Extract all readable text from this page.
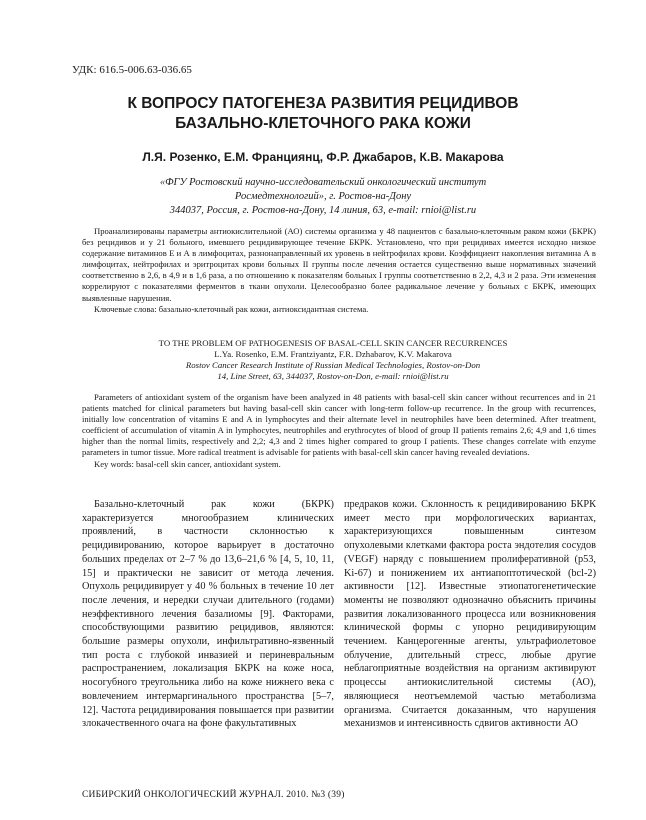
УДК: 616.5-006.63-036.65
К ВОПРОСУ ПАТОГЕНЕЗА РАЗВИТИЯ РЕЦИДИВОВ
БАЗАЛЬНО-КЛЕТОЧНОГО РАКА КОЖИ
Л.Я. Розенко, Е.М. Франциянц, Ф.Р. Джабаров, К.В. Макарова
«ФГУ Ростовский научно-исследовательский онкологический институт
Росмедтехнологий», г. Ростов-на-Дону
344037, Россия, г. Ростов-на-Дону, 14 линия, 63, e-mail: rnioi@list.ru

Проанализированы параметры антиокислительной (АО) системы организма у 48 пациентов с базально-клеточным раком кожи (БКРК) без рецидивов и у 21 больного, имевшего рецидивирующее течение БКРК. Установлено, что при рецидивах имеется исходно низкое содержание витаминов Е и А в лимфоцитах, разнонаправленный их уровень в нейтрофилах крови. Коэффициент накопления витамина А в лимфоцитах, нейтрофилах и эритроцитах крови больных II группы после лечения остается существенно выше нормативных значений соответственно в 2,6, в 4,9 и в 1,6 раза, а по отношению к показателям больных I группы соответственно в 2,2, 4,3 и 2 раза. Эти изменения коррелируют с показателями ферментов в ткани опухоли. Целесообразно более радикальное лечение у больных с БКРК, имеющих выявленные нарушения.

Ключевые слова: базально-клеточный рак кожи, антиоксидантная система.

TO THE PROBLEM OF PATHOGENESIS OF BASAL-CELL SKIN CANCER RECURRENCES
L.Ya. Rosenko, E.M. Frantziyantz, F.R. Dzhabarov, K.V. Makarova
Rostov Cancer Research Institute of Russian Medical Technologies, Rostov-on-Don
14, Line Street, 63, 344037, Rostov-on-Don, e-mail: rnioi@list.ru

Parameters of antioxidant system of the organism have been analyzed in 48 patients with basal-cell skin cancer without recurrences and in 21 patients matched for clinical parameters but having basal-cell skin cancer with long-term follow-up recurrence. In the group with recurrences, initially low concentration of vitamins E and A in lymphocytes and their alternate level in neutrophiles have been determined. After treatment, coefficient of accumulation of vitamin A in lymphocytes, neutrophiles and erythrocytes of blood of group II patients remains 2,6; 4,9 and 1,6 times higher than the normal limits, respectively and 2,2; 4,3 and 2 times higher compared to group I patients. These changes correlate with enzyme parameters in tumor tissue. More radical treatment is advisable for patients with basal-cell skin cancer having revealed deviations.

Key words: basal-cell skin cancer, antioxidant system.

Базально-клеточный рак кожи (БКРК) характеризуется многообразием клинических проявлений, в частности склонностью к рецидивированию, которое варьирует в достаточно больших пределах от 2–7 % до 13,6–21,6 % [4, 5, 10, 11, 15] и практически не зависит от метода лечения. Опухоль рецидивирует у 40 % больных в течение 10 лет после лечения, и нередки случаи длительного (годами) неэффективного лечения базалиомы [9]. Факторами, способствующими развитию рецидивов, являются: большие размеры опухоли, инфильтративно-язвенный тип роста с глубокой инвазией и периневральным распространением, локализация БКРК на коже носа, носогубного треугольника либо на коже нижнего века с вовлечением интермаргинального пространства [5–7, 12]. Частота рецидивирования повышается при развитии злокачественного очага на фоне факультативных
предраков кожи. Склонность к рецидивированию БКРК имеет место при морфологических вариантах, характеризующихся повышенным синтезом опухолевыми клетками фактора роста эндотелия сосудов (VEGF) наряду с повышением пролиферативной (p53, Ki-67) и понижением их антиапоптотической (bcl-2) активности [12]. Известные этиопатогенетические моменты не позволяют однозначно объяснить причины развития локализованного процесса или возникновения клинической формы с упорно рецидивирующим течением. Канцерогенные агенты, ультрафиолетовое облучение, длительный стресс, любые другие неблагоприятные воздействия на организм активируют процессы антиокислительной системы (АО), являющиеся неотъемлемой частью метаболизма организма. Считается доказанным, что нарушения механизмов и интенсивность сдвигов активности АО
СИБИРСКИЙ ОНКОЛОГИЧЕСКИЙ ЖУРНАЛ. 2010. №3 (39)
